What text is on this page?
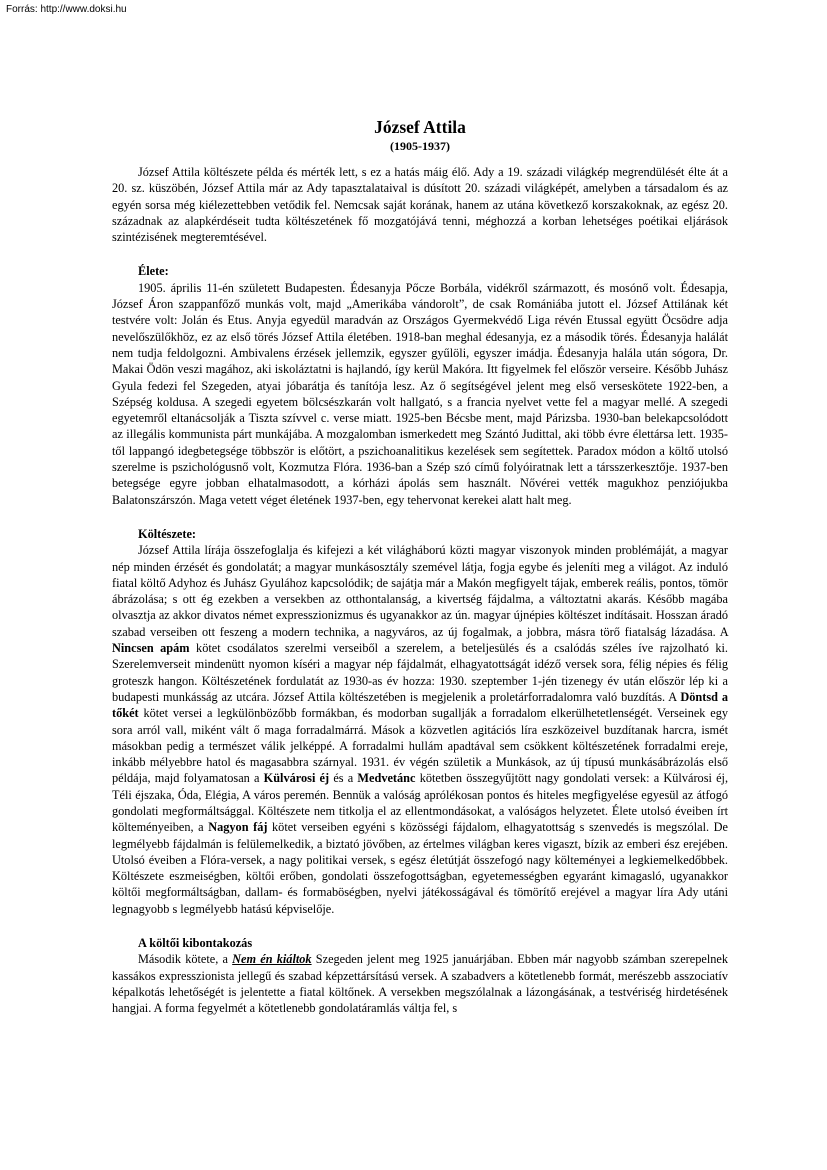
Forrás: http://www.doksi.hu

József Attila
(1905-1937)

József Attila költészete példa és mérték lett, s ez a hatás máig élő. Ady a 19. századi világkép megrendülését élte át a 20. sz. küszöbén, József Attila már az Ady tapasztalataival is dúsított 20. századi világképét, amelyben a társadalom és az egyén sorsa még kiélezettebben vetődik fel. Nemcsak saját korának, hanem az utána következő korszakoknak, az egész 20. századnak az alapkérdéseit tudta költészetének fő mozgatójává tenni, méghozzá a korban lehetséges poétikai eljárások szintézisének megteremtésével.

Élete:

1905. április 11-én született Budapesten. Édesanyja Pőcze Borbála, vidékről származott, és mosónő volt. Édesapja, József Áron szappanfőző munkás volt, majd „Amerikába vándorolt”, de csak Romániába jutott el. József Attilának két testvére volt: Jolán és Etus. Anyja egyedül maradván az Országos Gyermekvédő Liga révén Etussal együtt Öcsödre adja nevelőszülőkhöz, ez az első törés József Attila életében. 1918-ban meghal édesanyja, ez a második törés. Édesanyja halálát nem tudja feldolgozni. Ambivalens érzések jellemzik, egyszer gyűlöli, egyszer imádja. Édesanyja halála után sógora, Dr. Makai Ödön veszi magához, aki iskoláztatni is hajlandó, így kerül Makóra. Itt figyelmek fel először verseire. Később Juhász Gyula fedezi fel Szegeden, atyai jóbarátja és tanítója lesz. Az ő segítségével jelent meg első verseskötete 1922-ben, a Szépség koldusa. A szegedi egyetem bölcsészkarán volt hallgató, s a francia nyelvet vette fel a magyar mellé. A szegedi egyetemről eltanácsolják a Tiszta szívvel c. verse miatt. 1925-ben Bécsbe ment, majd Párizsba. 1930-ban belekapcsolódott az illegális kommunista párt munkájába. A mozgalomban ismerkedett meg Szántó Judittal, aki több évre élettársa lett. 1935-től lappangó idegbetegsége többször is előtört, a pszichoanalitikus kezelések sem segítettek. Paradox módon a költő utolsó szerelme is pszichológusnő volt, Kozmutza Flóra. 1936-ban a Szép szó című folyóiratnak lett a társszerkesztője. 1937-ben betegsége egyre jobban elhatalmasodott, a kórházi ápolás sem használt. Nővérei vették magukhoz penziójukba Balatonszárszón. Maga vetett véget életének 1937-ben, egy tehervonat kerekei alatt halt meg.

Költészete:

József Attila lírája összefoglalja és kifejezi a két világháború közti magyar viszonyok minden problémáját, a magyar nép minden érzését és gondolatát; a magyar munkásosztály szemével látja, fogja egybe és jeleníti meg a világot. Az induló fiatal költő Adyhoz és Juhász Gyulához kapcsolódik; de sajátja már a Makón megfigyelt tájak, emberek reális, pontos, tömör ábrázolása; s ott ég ezekben a versekben az otthontalanság, a kivertség fájdalma, a változtatni akarás. Később magába olvasztja az akkor divatos német expresszionizmus és ugyanakkor az ún. magyar újnépies költészet indításait. Hosszan áradó szabad verseiben ott feszeng a modern technika, a nagyváros, az új fogalmak, a jobbra, másra törő fiatalság lázadása. A Nincsen apám kötet csodálatos szerelmi verseiből a szerelem, a beteljesülés és a csalódás széles íve rajzolható ki. Szerelemverseit mindenütt nyomon kíséri a magyar nép fájdalmát, elhagyatottságát idéző versek sora, félig népies és félig groteszk hangon. Költészetének fordulatát az 1930-as év hozza: 1930. szeptember 1-jén tizenegy év után először lép ki a budapesti munkásság az utcára. József Attila költészetében is megjelenik a proletárforradalomra való buzdítás. A Döntsd a tőkét kötet versei a legkülönbözőbb formákban, és modorban sugallják a forradalom elkerülhetetlenségét. Verseinek egy sora arról vall, miként vált ő maga forradalmárrá. Mások a közvetlen agitációs líra eszközeivel buzdítanak harcra, ismét másokban pedig a természet válik jelképpé. A forradalmi hullám apadtával sem csökkent költészetének forradalmi ereje, inkább mélyebbre hatol és magasabbra szárnyal. 1931. év végén születik a Munkások, az új típusú munkásábrázolás első példája, majd folyamatosan a Külvárosi éj és a Medvetánc kötetben összegyűjtött nagy gondolati versek: a Külvárosi éj, Téli éjszaka, Óda, Elégia, A város peremén. Bennük a valóság aprólékosan pontos és hiteles megfigyelése egyesül az átfogó gondolati megformáltsággal. Költészete nem titkolja el az ellentmondásokat, a valóságos helyzetet. Élete utolsó éveiben írt költeményeiben, a Nagyon fáj kötet verseiben egyéni s közösségi fájdalom, elhagyatottság s szenvedés is megszólal. De legmélyebb fájdalmán is felülemelkedik, a biztató jövőben, az értelmes világban keres vigaszt, bízik az emberi ész erejében. Utolsó éveiben a Flóra-versek, a nagy politikai versek, s egész életútját összefogó nagy költeményei a legkiemelkedőbbek. Költészete eszmeiségben, költői erőben, gondolati összefogottságban, egyetemességben egyaránt kimagasló, ugyanakkor költői megformáltságban, dallam- és formaböségben, nyelvi játékosságával és tömörítő erejével a magyar líra Ady utáni legnagyobb s legmélyebb hatású képviselője.

A költői kibontakozás

Második kötete, a Nem én kiáltok Szegeden jelent meg 1925 januárjában. Ebben már nagyobb számban szerepelnek kassákos expresszionista jellegű és szabad képzettársítású versek. A szabadvers a kötetlenebb formát, merészebb asszociatív képalkotás lehetőségét is jelentette a fiatal költőnek. A versekben megszólalnak a lázongásának, a testvériség hirdetésének hangjai. A forma fegyelmét a kötetlenebb gondolatáramlás váltja fel, s
